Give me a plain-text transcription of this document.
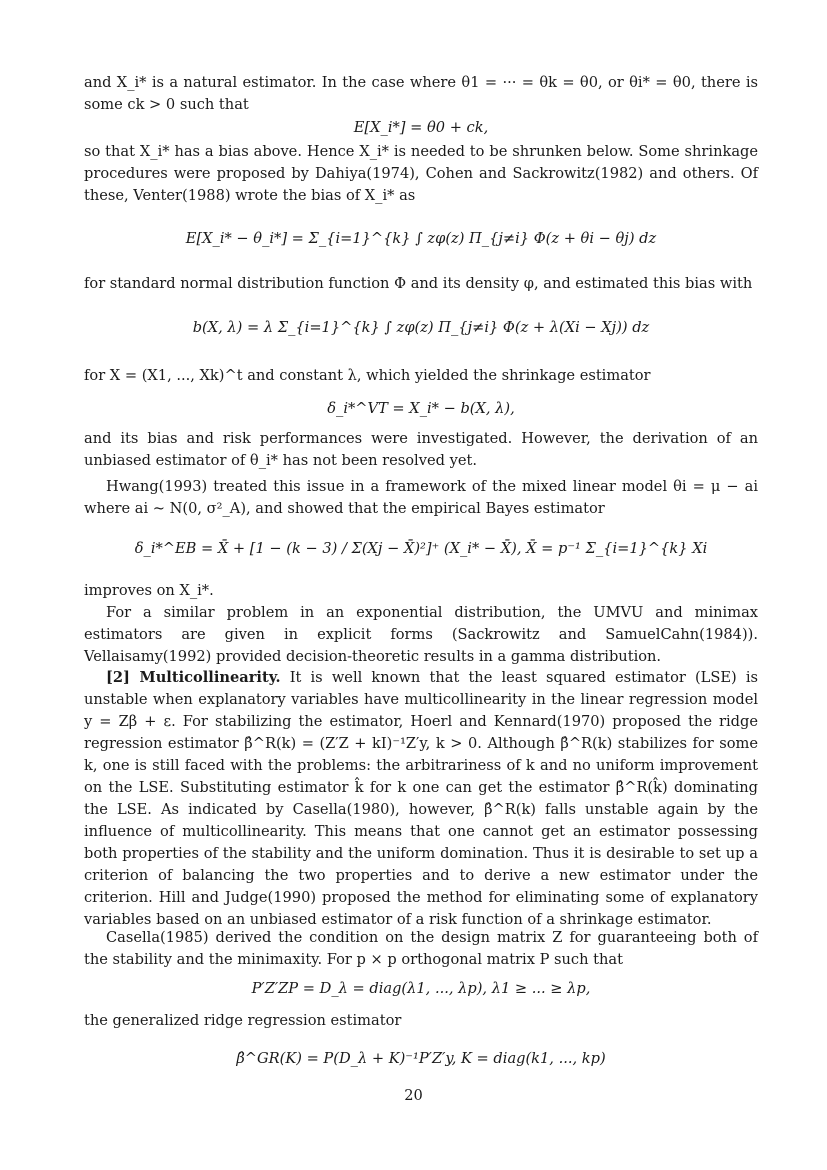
and X_i* is a natural estimator. In the case where θ1 = ··· = θk = θ0, or θi* = θ0, there is some ck > 0 such that

E[X_i*] = θ0 + ck,

so that X_i* has a bias above. Hence X_i* is needed to be shrunken below. Some shrinkage procedures were proposed by Dahiya(1974), Cohen and Sackrowitz(1982) and others. Of these, Venter(1988) wrote the bias of X_i* as

E[X_i* − θ_i*] = Σ_{i=1}^{k} ∫ zφ(z) Π_{j≠i} Φ(z + θi − θj) dz

for standard normal distribution function Φ and its density φ, and estimated this bias with

b(X, λ) = λ Σ_{i=1}^{k} ∫ zφ(z) Π_{j≠i} Φ(z + λ(Xi − Xj)) dz

for X = (X1, ..., Xk)^t and constant λ, which yielded the shrinkage estimator

δ_i*^VT = X_i* − b(X, λ),

and its bias and risk performances were investigated. However, the derivation of an unbiased estimator of θ_i* has not been resolved yet.

Hwang(1993) treated this issue in a framework of the mixed linear model θi = μ − ai where ai ~ N(0, σ²_A), and showed that the empirical Bayes estimator

δ_i*^EB = X̄ + [1 − (k − 3) / Σ(Xj − X̄)²]⁺ (X_i* − X̄), X̄ = p⁻¹ Σ_{i=1}^{k} Xi

improves on X_i*.

For a similar problem in an exponential distribution, the UMVU and minimax estimators are given in explicit forms (Sackrowitz and SamuelCahn(1984)). Vellaisamy(1992) provided decision-theoretic results in a gamma distribution.

[2] Multicollinearity. It is well known that the least squared estimator (LSE) is unstable when explanatory variables have multicollinearity in the linear regression model y = Zβ + ε. For stabilizing the estimator, Hoerl and Kennard(1970) proposed the ridge regression estimator β̂^R(k) = (Z′Z + kI)⁻¹Z′y, k > 0. Although β̂^R(k) stabilizes for some k, one is still faced with the problems: the arbitrariness of k and no uniform improvement on the LSE. Substituting estimator k̂ for k one can get the estimator β̂^R(k̂) dominating the LSE. As indicated by Casella(1980), however, β̂^R(k) falls unstable again by the influence of multicollinearity. This means that one cannot get an estimator possessing both properties of the stability and the uniform domination. Thus it is desirable to set up a criterion of balancing the two properties and to derive a new estimator under the criterion. Hill and Judge(1990) proposed the method for eliminating some of explanatory variables based on an unbiased estimator of a risk function of a shrinkage estimator.

Casella(1985) derived the condition on the design matrix Z for guaranteeing both of the stability and the minimaxity. For p × p orthogonal matrix P such that

P′Z′ZP = D_λ = diag(λ1, ..., λp), λ1 ≥ ... ≥ λp,

the generalized ridge regression estimator

β̂^GR(K) = P(D_λ + K)⁻¹P′Z′y, K = diag(k1, ..., kp)
20
